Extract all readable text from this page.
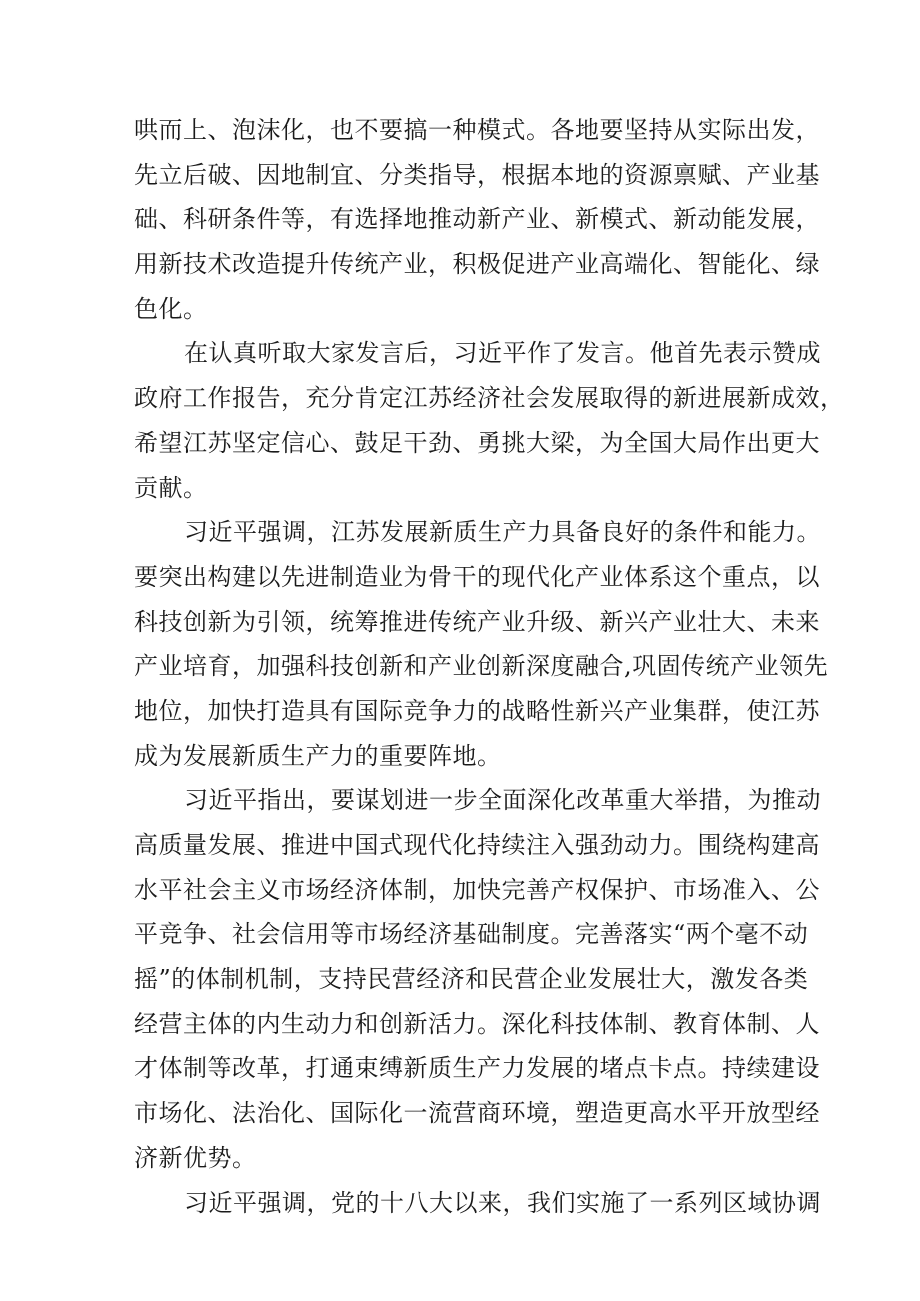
哄而上、泡沫化，也不要搞一种模式。各地要坚持从实际出发，
先立后破、因地制宜、分类指导，根据本地的资源禀赋、产业基
础、科研条件等，有选择地推动新产业、新模式、新动能发展，
用新技术改造提升传统产业，积极促进产业高端化、智能化、绿
色化。
在认真听取大家发言后，习近平作了发言。他首先表示赞成
政府工作报告，充分肯定江苏经济社会发展取得的新进展新成效，
希望江苏坚定信心、鼓足干劲、勇挑大梁，为全国大局作出更大
贡献。
习近平强调，江苏发展新质生产力具备良好的条件和能力。
要突出构建以先进制造业为骨干的现代化产业体系这个重点，以
科技创新为引领，统筹推进传统产业升级、新兴产业壮大、未来
产业培育，加强科技创新和产业创新深度融合,巩固传统产业领先
地位，加快打造具有国际竞争力的战略性新兴产业集群，使江苏
成为发展新质生产力的重要阵地。
习近平指出，要谋划进一步全面深化改革重大举措，为推动
高质量发展、推进中国式现代化持续注入强劲动力。围绕构建高
水平社会主义市场经济体制，加快完善产权保护、市场准入、公
平竞争、社会信用等市场经济基础制度。完善落实“两个毫不动
摇”的体制机制，支持民营经济和民营企业发展壮大，激发各类
经营主体的内生动力和创新活力。深化科技体制、教育体制、人
才体制等改革，打通束缚新质生产力发展的堵点卡点。持续建设
市场化、法治化、国际化一流营商环境，塑造更高水平开放型经
济新优势。
习近平强调，党的十八大以来，我们实施了一系列区域协调
